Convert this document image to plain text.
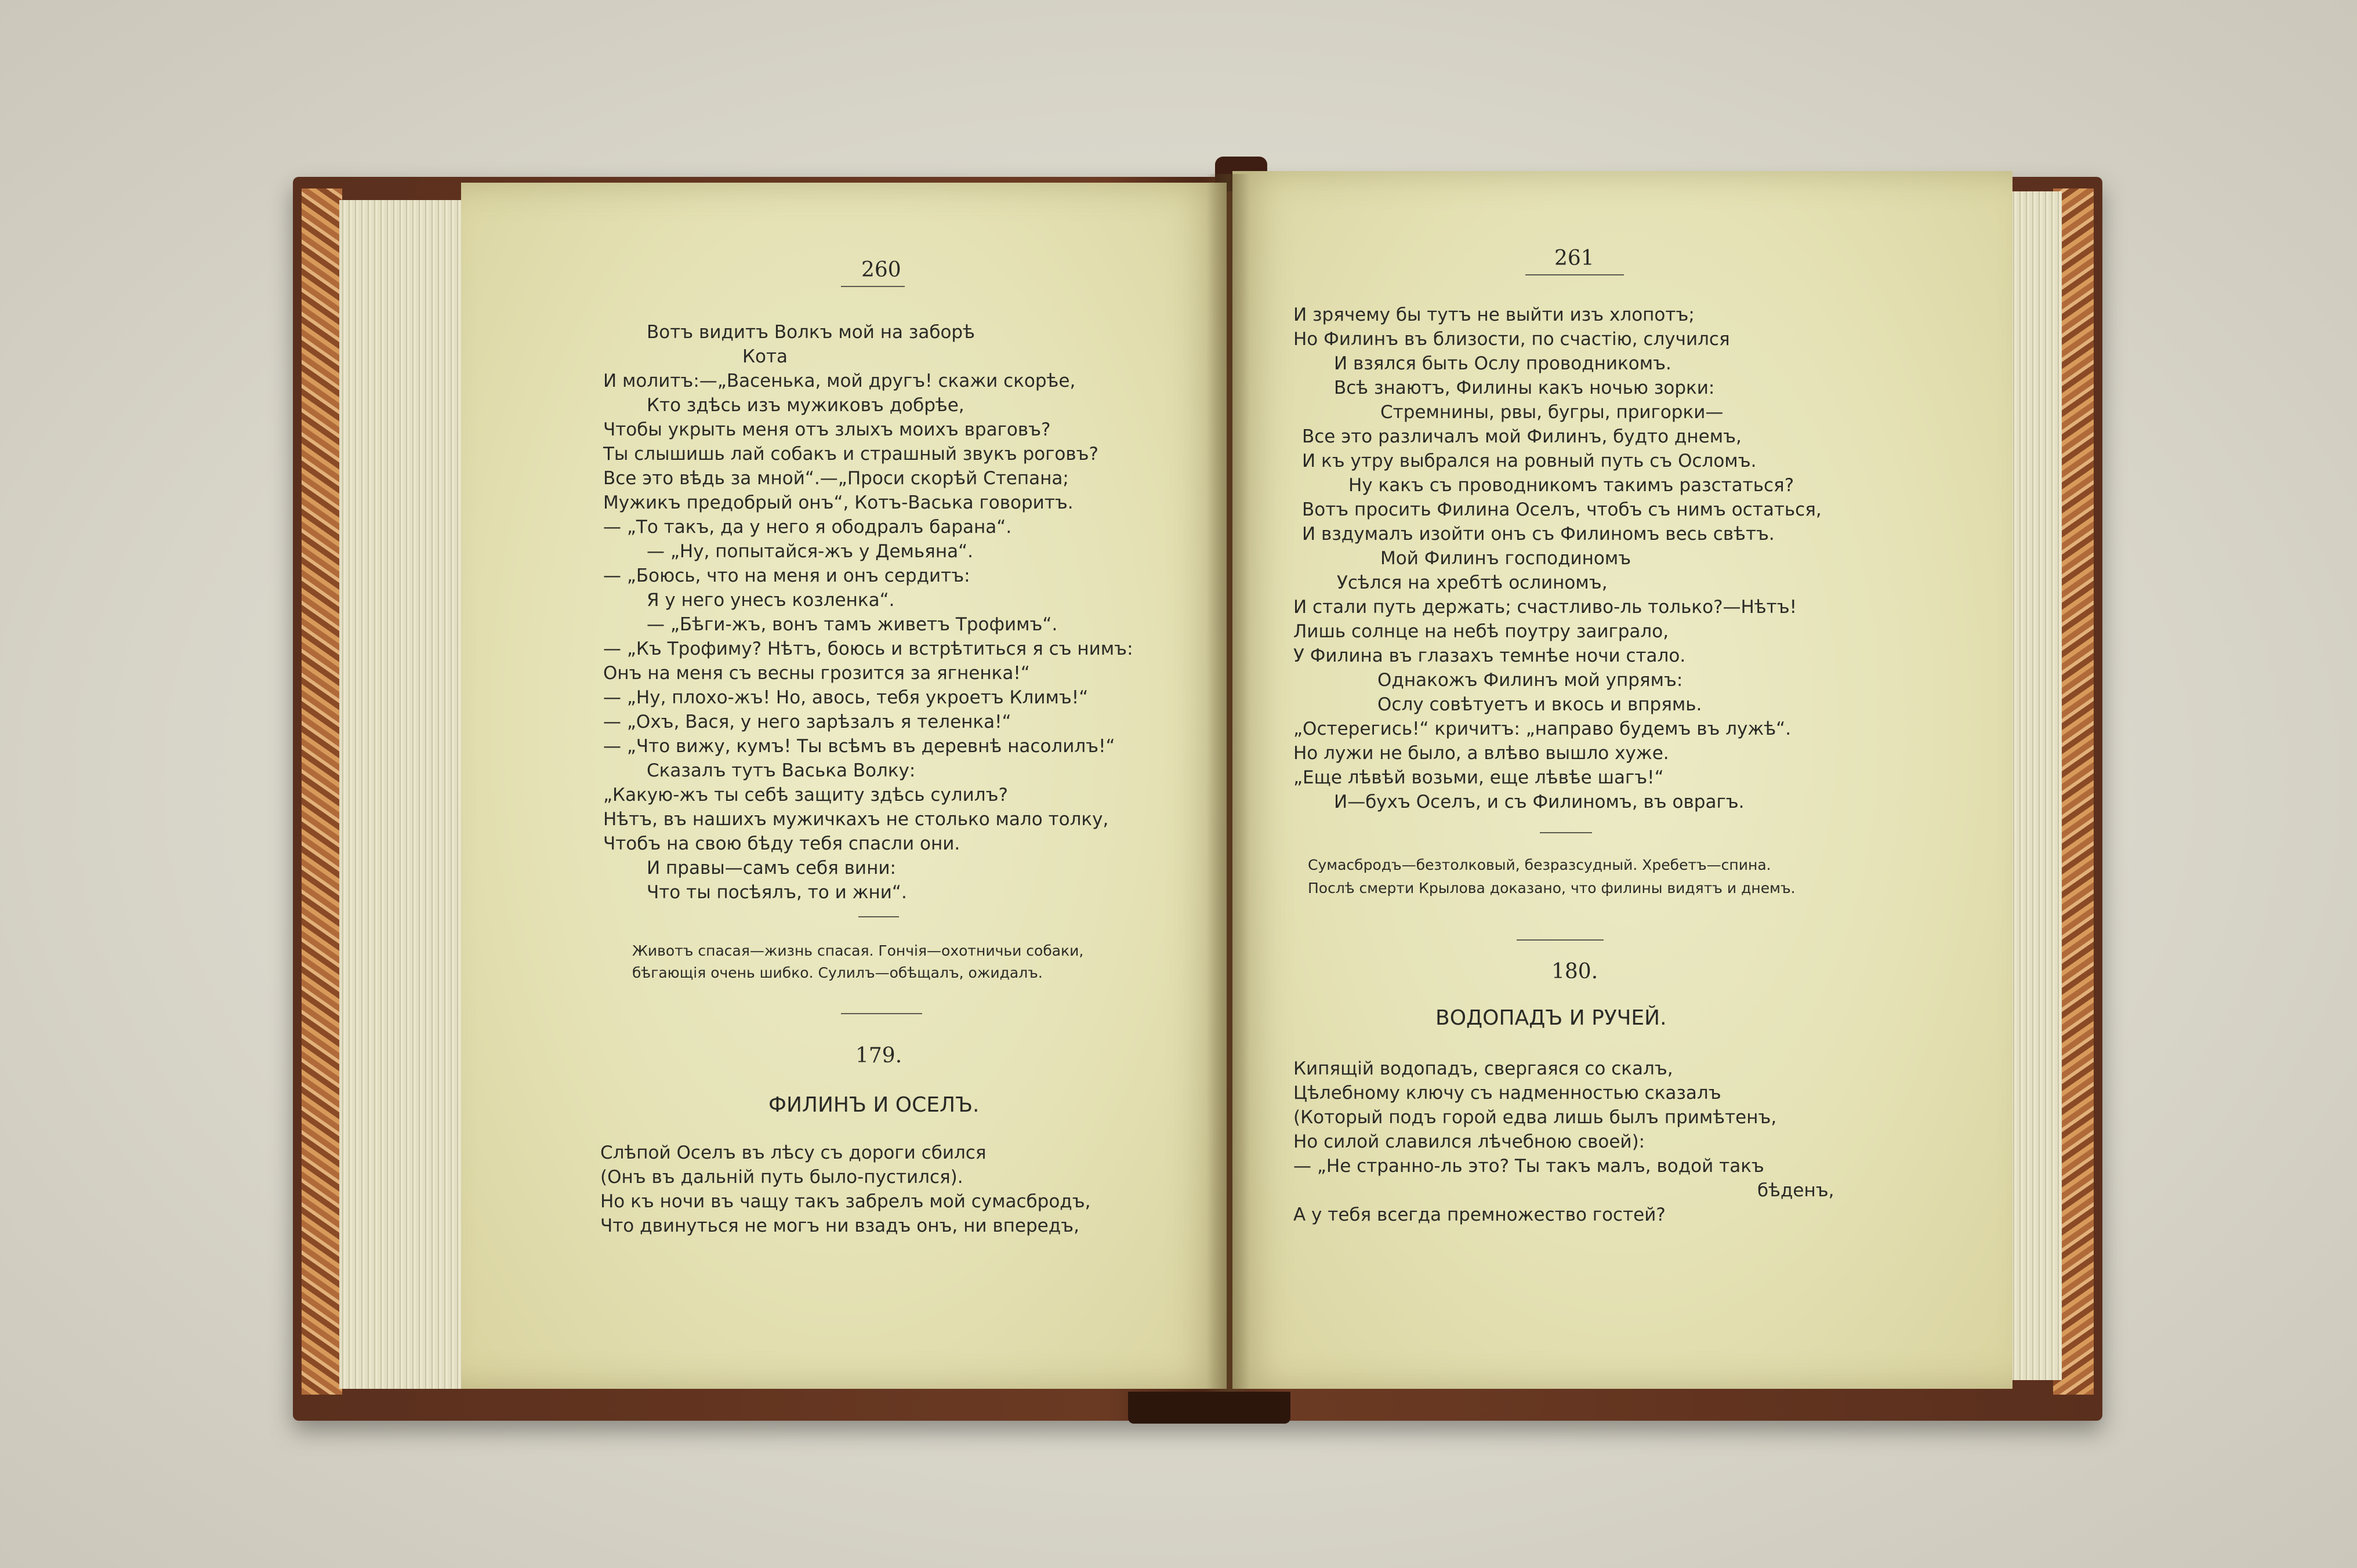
260
Вотъ видитъ Волкъ мой на заборѣ
Кота
И молитъ:—„Васенька, мой другъ! скажи скорѣе,
Кто здѣсь изъ мужиковъ добрѣе,
Чтобы укрыть меня отъ злыхъ моихъ враговъ?
Ты слышишь лай собакъ и страшный звукъ роговъ?
Все это вѣдь за мной“.—„Проси скорѣй Степана;
Мужикъ предобрый онъ“, Котъ-Васька говоритъ.
— „То такъ, да у него я ободралъ барана“.
— „Ну, попытайся-жъ у Демьяна“.
— „Боюсь, что на меня и онъ сердитъ:
Я у него унесъ козленка“.
— „Бѣги-жъ, вонъ тамъ живетъ Трофимъ“.
— „Къ Трофиму? Нѣтъ, боюсь и встрѣтиться я съ нимъ:
Онъ на меня съ весны грозится за ягненка!“
— „Ну, плохо-жъ! Но, авось, тебя укроетъ Климъ!“
— „Охъ, Вася, у него зарѣзалъ я теленка!“
— „Что вижу, кумъ! Ты всѣмъ въ деревнѣ насолилъ!“
Сказалъ тутъ Васька Волку:
„Какую-жъ ты себѣ защиту здѣсь сулилъ?
Нѣтъ, въ нашихъ мужичкахъ не столько мало толку,
Чтобъ на свою бѣду тебя спасли они.
И правы—самъ себя вини:
Что ты посѣялъ, то и жни“.
Животъ спасая—жизнь спасая. Гончія—охотничьи собаки,
бѣгающія очень шибко. Сулилъ—обѣщалъ, ожидалъ.
179.
ФИЛИНЪ И ОСЕЛЪ.
Слѣпой Оселъ въ лѣсу съ дороги сбился
(Онъ въ дальній путь было-пустился).
Но къ ночи въ чащу такъ забрелъ мой сумасбродъ,
Что двинуться не могъ ни взадъ онъ, ни впередъ,
261
И зрячему бы тутъ не выйти изъ хлопотъ;
Но Филинъ въ близости, по счастію, случился
И взялся быть Ослу проводникомъ.
Всѣ знаютъ, Филины какъ ночью зорки:
Стремнины, рвы, бугры, пригорки—
Все это различалъ мой Филинъ, будто днемъ,
И къ утру выбрался на ровный путь съ Осломъ.
Ну какъ съ проводникомъ такимъ разстаться?
Вотъ просить Филина Оселъ, чтобъ съ нимъ остаться,
И вздумалъ изойти онъ съ Филиномъ весь свѣтъ.
Мой Филинъ господиномъ
Усѣлся на хребтѣ ослиномъ,
И стали путь держать; счастливо-ль только?—Нѣтъ!
Лишь солнце на небѣ поутру заиграло,
У Филина въ глазахъ темнѣе ночи стало.
Однакожъ Филинъ мой упрямъ:
Ослу совѣтуетъ и вкось и впрямь.
„Остерегись!“ кричитъ: „направо будемъ въ лужѣ“.
Но лужи не было, а влѣво вышло хуже.
„Еще лѣвѣй возьми, еще лѣвѣе шагъ!“
И—бухъ Оселъ, и съ Филиномъ, въ оврагъ.
Сумасбродъ—безтолковый, безразсудный. Хребетъ—спина.
Послѣ смерти Крылова доказано, что филины видятъ и днемъ.
180.
ВОДОПАДЪ И РУЧЕЙ.
Кипящій водопадъ, свергаяся со скалъ,
Цѣлебному ключу съ надменностью сказалъ
(Который подъ горой едва лишь былъ примѣтенъ,
Но силой славился лѣчебною своей):
— „Не странно-ль это? Ты такъ малъ, водой такъ
бѣденъ,
А у тебя всегда премножество гостей?
